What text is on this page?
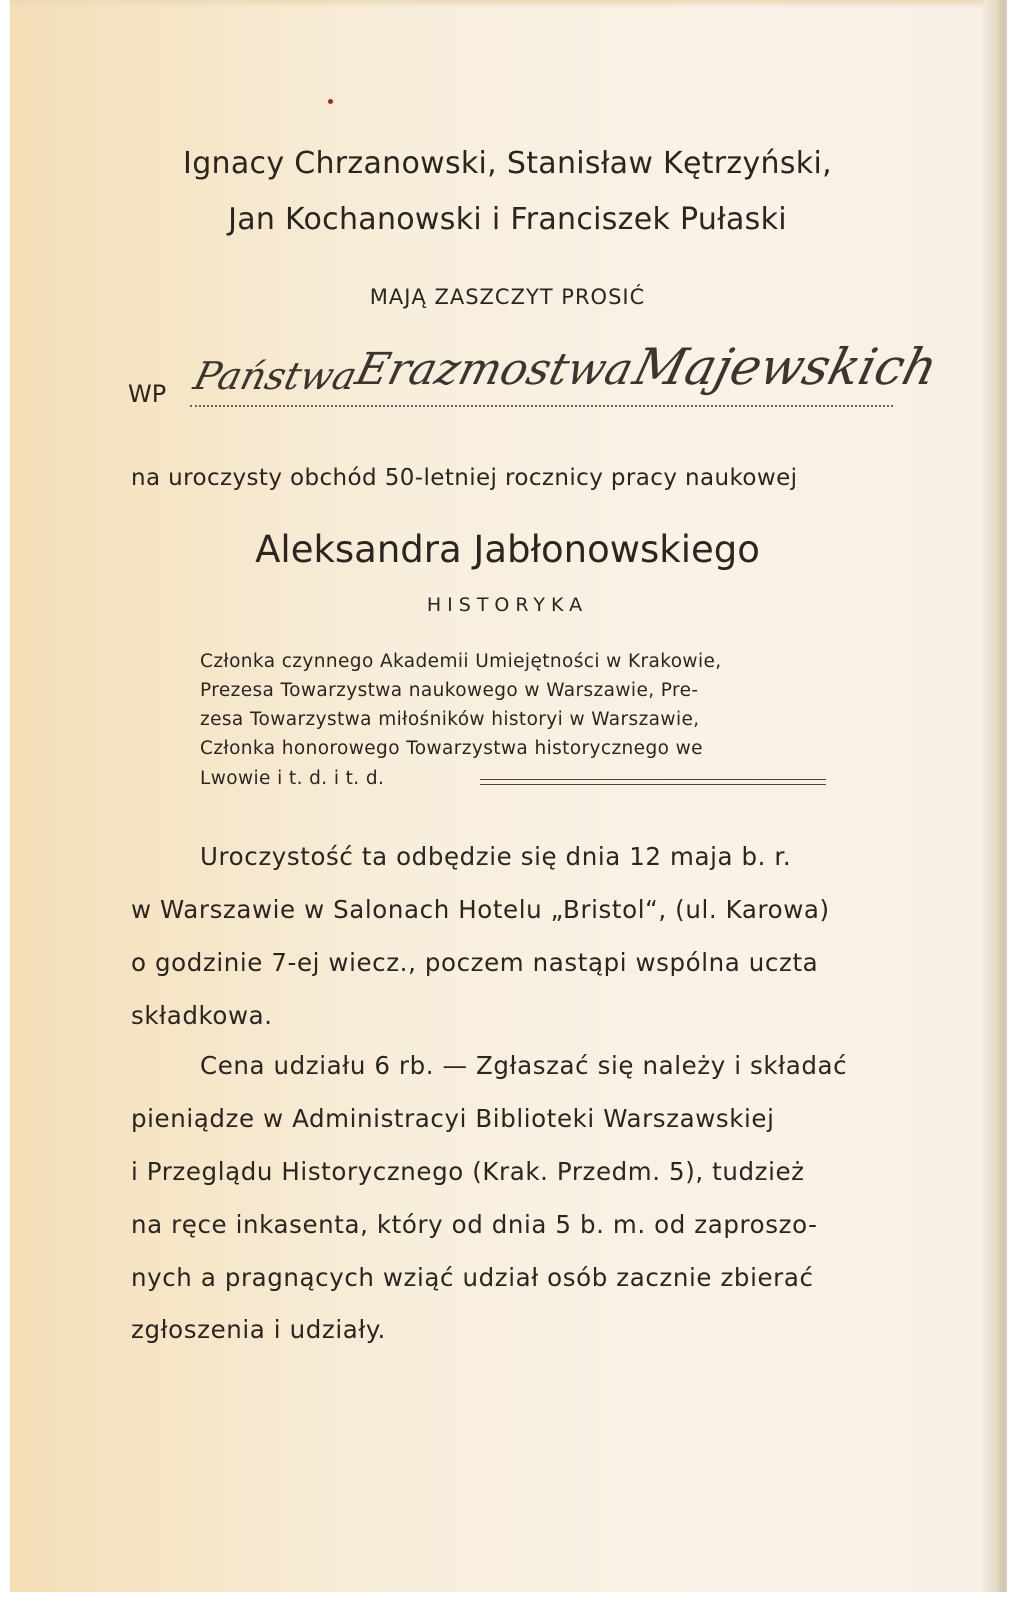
Ignacy Chrzanowski, Stanisław Kętrzyński,

Jan Kochanowski i Franciszek Pułaski

MAJĄ ZASZCZYT PROSIĆ

WP Państwa
Erazmostwa
Majewskich

na uroczysty obchód 50-letniej rocznicy pracy naukowej

Aleksandra Jabłonowskiego

HISTORYKA

Członka czynnego Akademii Umiejętności w Krakowie,

Prezesa Towarzystwa naukowego w Warszawie, Pre-

zesa Towarzystwa miłośników historyi w Warszawie,

Członka honorowego Towarzystwa historycznego we

Lwowie i t. d. i t. d.

Uroczystość ta odbędzie się dnia 12 maja b. r.

w Warszawie w Salonach Hotelu „Bristol“, (ul. Karowa)

o godzinie 7-ej wiecz., poczem nastąpi wspólna uczta

składkowa.

Cena udziału 6 rb. — Zgłaszać się należy i składać

pieniądze w Administracyi Biblioteki Warszawskiej

i Przeglądu Historycznego (Krak. Przedm. 5), tudzież

na ręce inkasenta, który od dnia 5 b. m. od zaproszo-

nych a pragnących wziąć udział osób zacznie zbierać

zgłoszenia i udziały.
